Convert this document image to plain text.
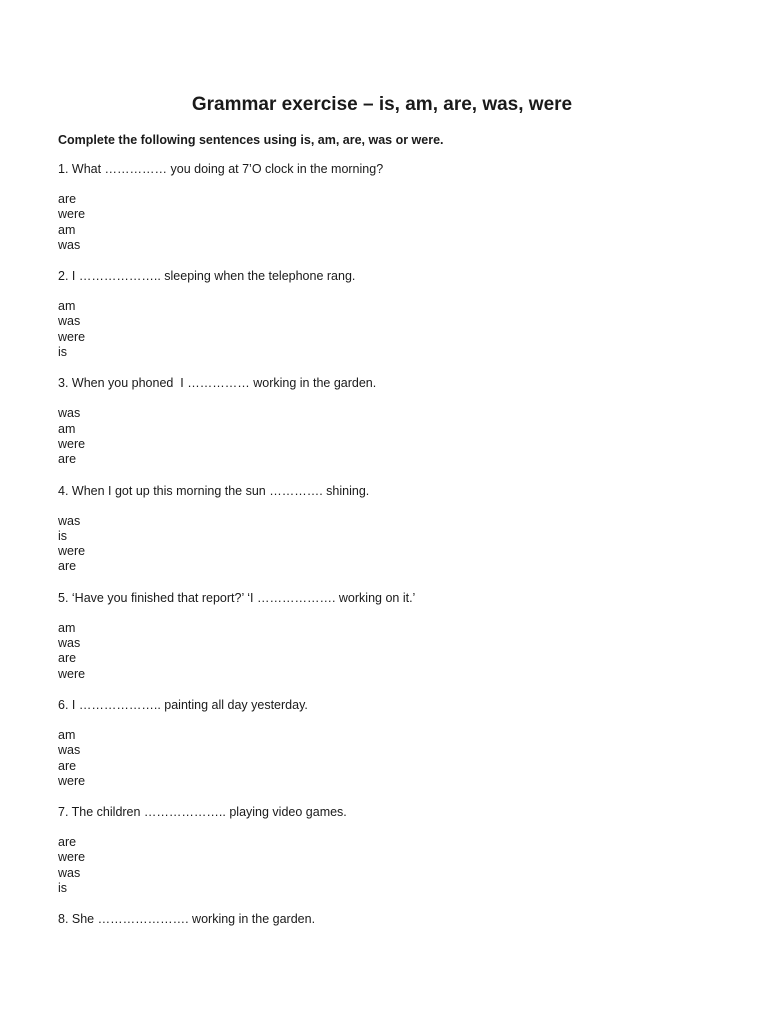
Grammar exercise – is, am, are, was, were

Complete the following sentences using is, am, are, was or were.

1. What …………… you doing at 7’O clock in the morning?

are
were
am
was

2. I ……………….. sleeping when the telephone rang.

am
was
were
is

3. When you phoned  I …………… working in the garden.

was
am
were
are

4. When I got up this morning the sun …………. shining.

was
is
were
are

5. ‘Have you finished that report?’ ‘I ………………. working on it.’

am
was
are
were

6. I ……………….. painting all day yesterday.

am
was
are
were

7. The children ……………….. playing video games.

are
were
was
is

8. She …………………. working in the garden.
